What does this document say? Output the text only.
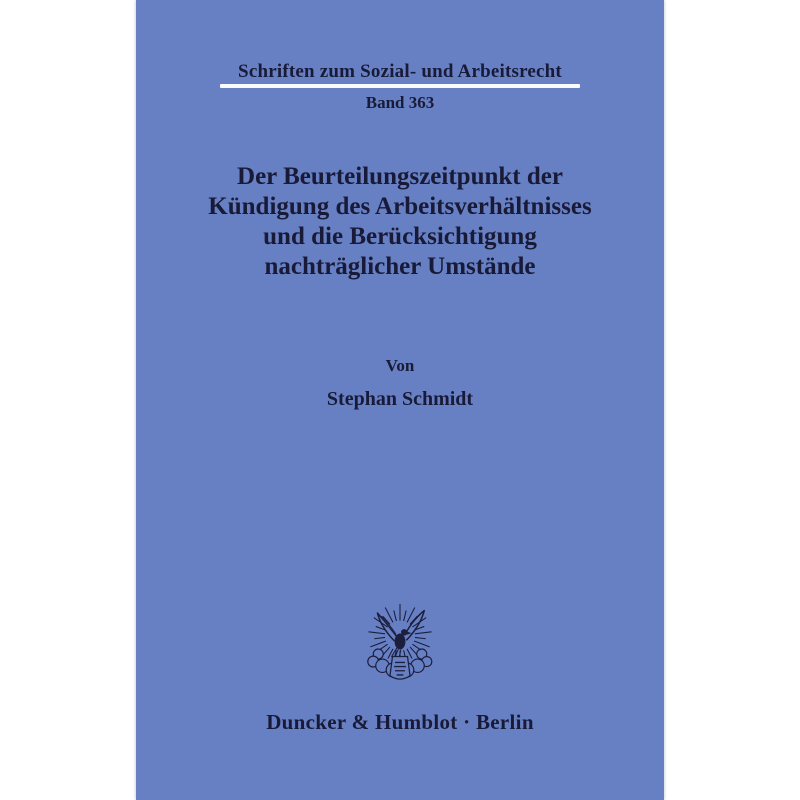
Schriften zum Sozial- und Arbeitsrecht
Band 363
Der Beurteilungszeitpunkt der
Kündigung des Arbeitsverhältnisses
und die Berücksichtigung
nachträglicher Umstände
Von
Stephan Schmidt
Duncker & Humblot · Berlin
